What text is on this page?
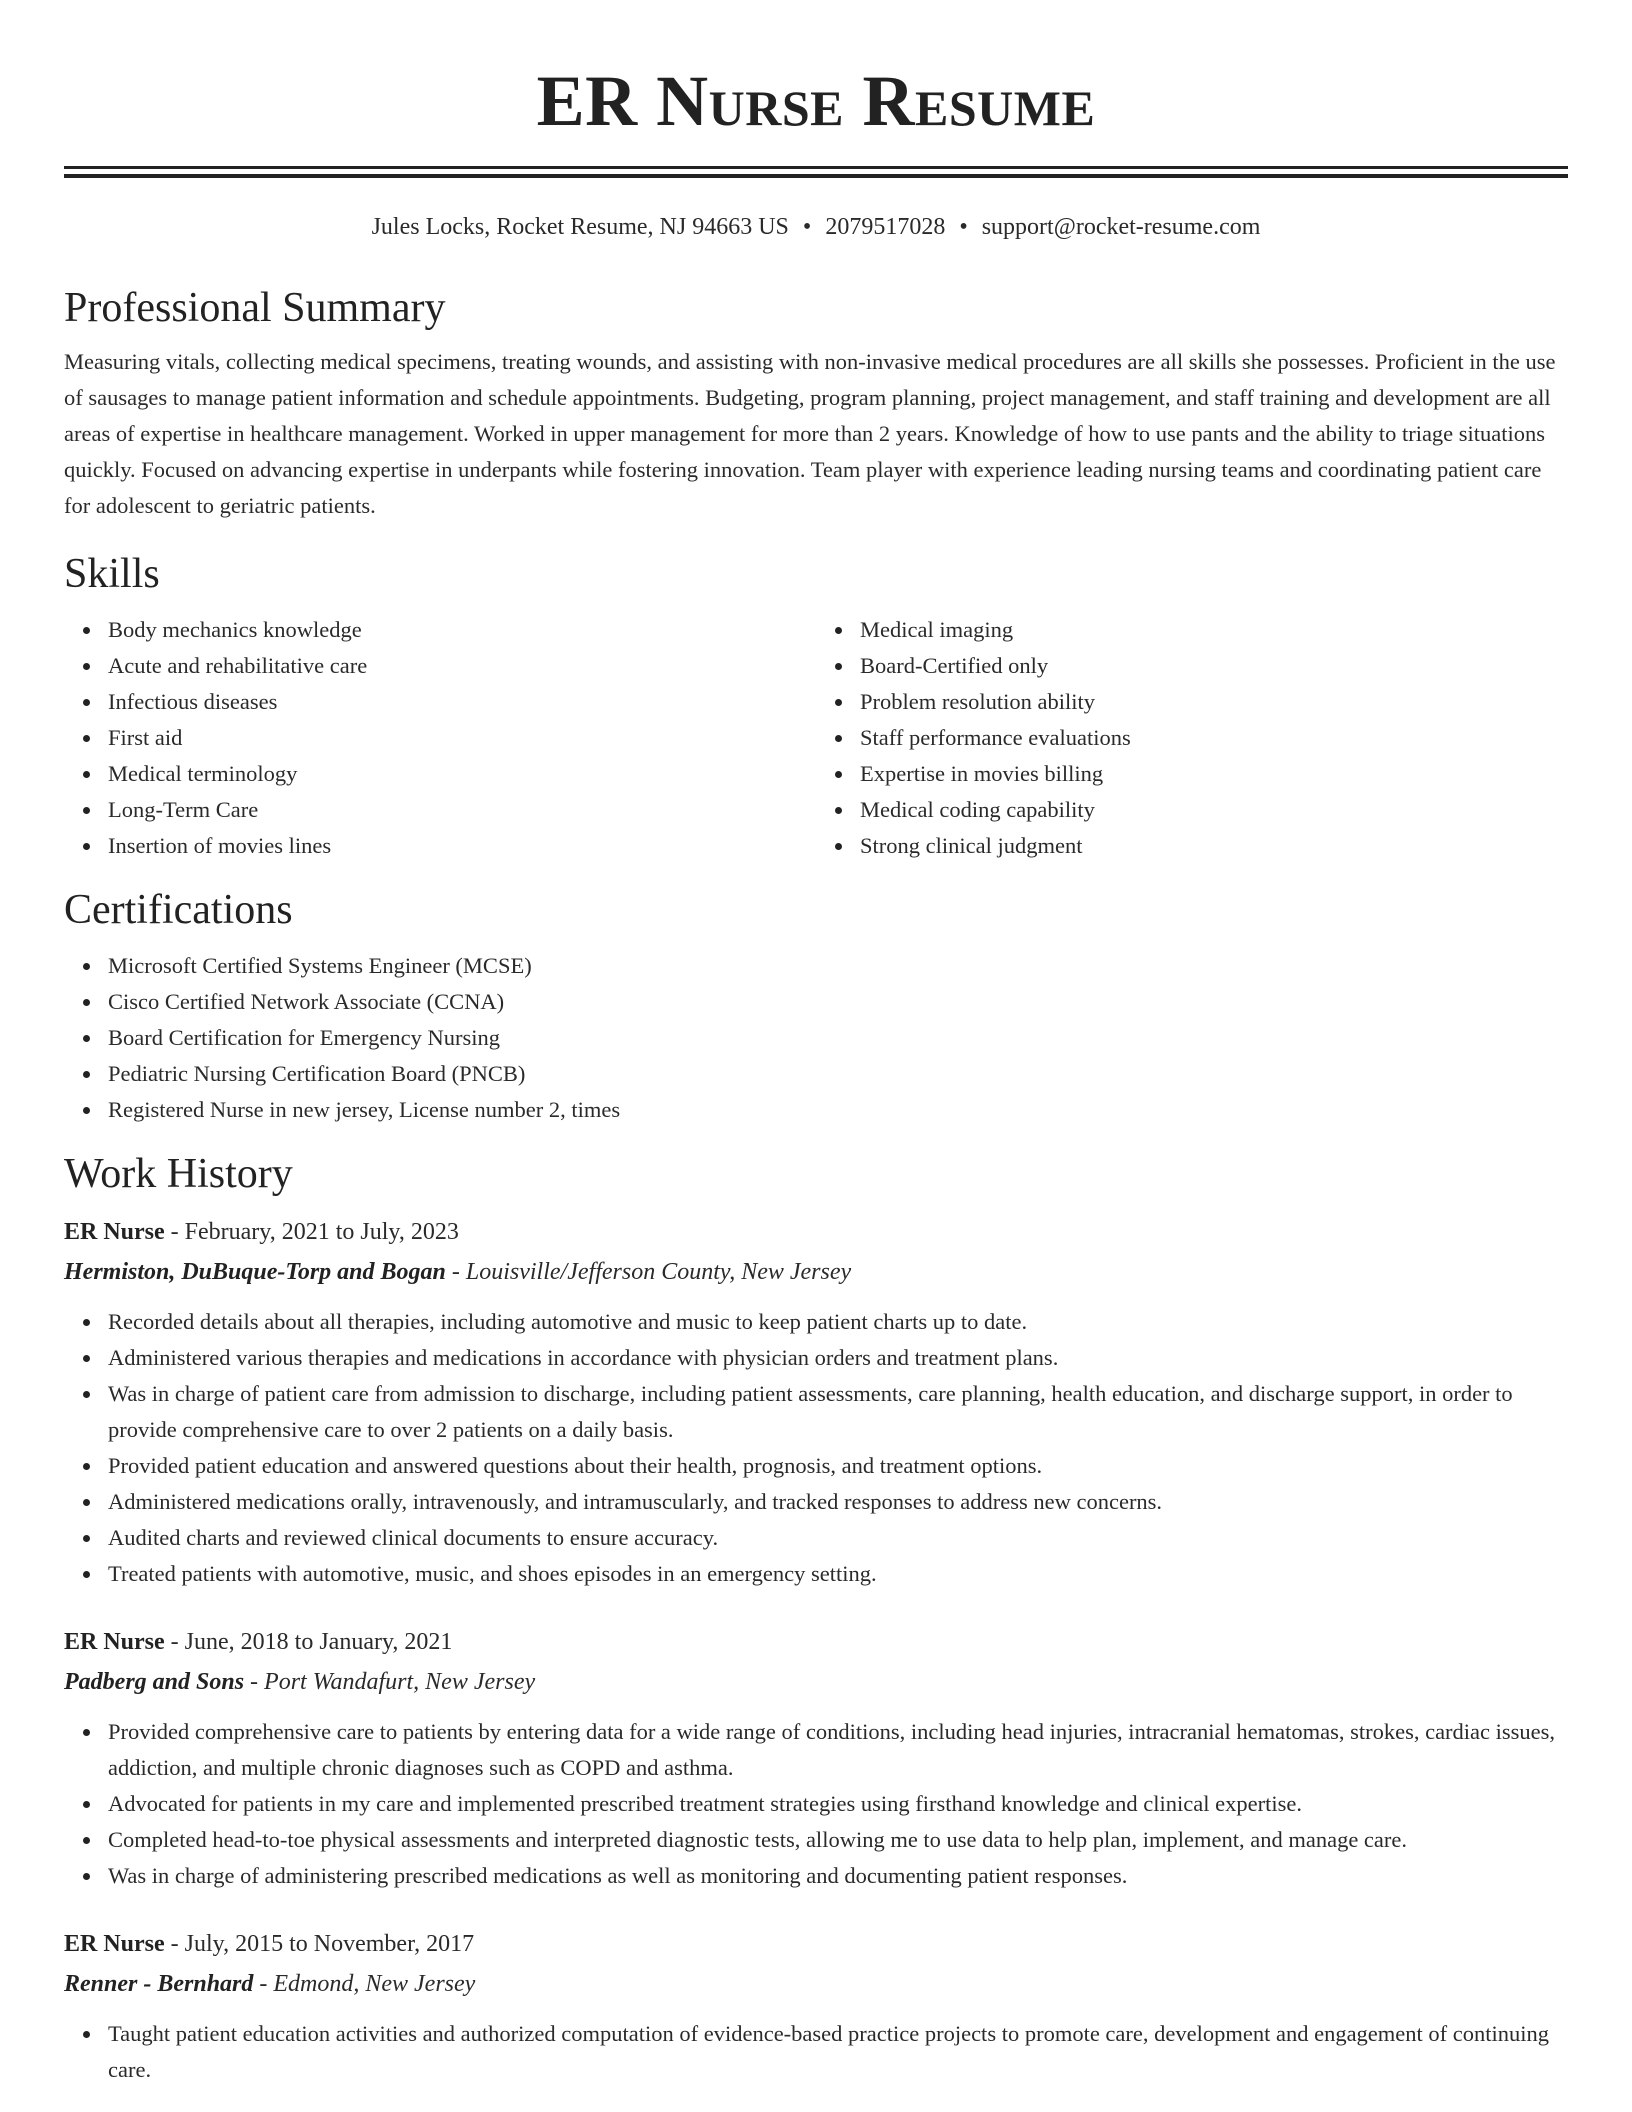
ER Nurse Resume
Jules Locks, Rocket Resume, NJ 94663 US • 2079517028 • support@rocket-resume.com
Professional Summary
Measuring vitals, collecting medical specimens, treating wounds, and assisting with non-invasive medical procedures are all skills she possesses. Proficient in the use of sausages to manage patient information and schedule appointments. Budgeting, program planning, project management, and staff training and development are all areas of expertise in healthcare management. Worked in upper management for more than 2 years. Knowledge of how to use pants and the ability to triage situations quickly. Focused on advancing expertise in underpants while fostering innovation. Team player with experience leading nursing teams and coordinating patient care for adolescent to geriatric patients.
Skills
Body mechanics knowledge
Acute and rehabilitative care
Infectious diseases
First aid
Medical terminology
Long-Term Care
Insertion of movies lines
Medical imaging
Board-Certified only
Problem resolution ability
Staff performance evaluations
Expertise in movies billing
Medical coding capability
Strong clinical judgment
Certifications
Microsoft Certified Systems Engineer (MCSE)
Cisco Certified Network Associate (CCNA)
Board Certification for Emergency Nursing
Pediatric Nursing Certification Board (PNCB)
Registered Nurse in new jersey, License number 2, times
Work History
ER Nurse - February, 2021 to July, 2023
Hermiston, DuBuque-Torp and Bogan - Louisville/Jefferson County, New Jersey
Recorded details about all therapies, including automotive and music to keep patient charts up to date.
Administered various therapies and medications in accordance with physician orders and treatment plans.
Was in charge of patient care from admission to discharge, including patient assessments, care planning, health education, and discharge support, in order to provide comprehensive care to over 2 patients on a daily basis.
Provided patient education and answered questions about their health, prognosis, and treatment options.
Administered medications orally, intravenously, and intramuscularly, and tracked responses to address new concerns.
Audited charts and reviewed clinical documents to ensure accuracy.
Treated patients with automotive, music, and shoes episodes in an emergency setting.
ER Nurse - June, 2018 to January, 2021
Padberg and Sons - Port Wandafurt, New Jersey
Provided comprehensive care to patients by entering data for a wide range of conditions, including head injuries, intracranial hematomas, strokes, cardiac issues, addiction, and multiple chronic diagnoses such as COPD and asthma.
Advocated for patients in my care and implemented prescribed treatment strategies using firsthand knowledge and clinical expertise.
Completed head-to-toe physical assessments and interpreted diagnostic tests, allowing me to use data to help plan, implement, and manage care.
Was in charge of administering prescribed medications as well as monitoring and documenting patient responses.
ER Nurse - July, 2015 to November, 2017
Renner - Bernhard - Edmond, New Jersey
Taught patient education activities and authorized computation of evidence-based practice projects to promote care, development and engagement of continuing care.
